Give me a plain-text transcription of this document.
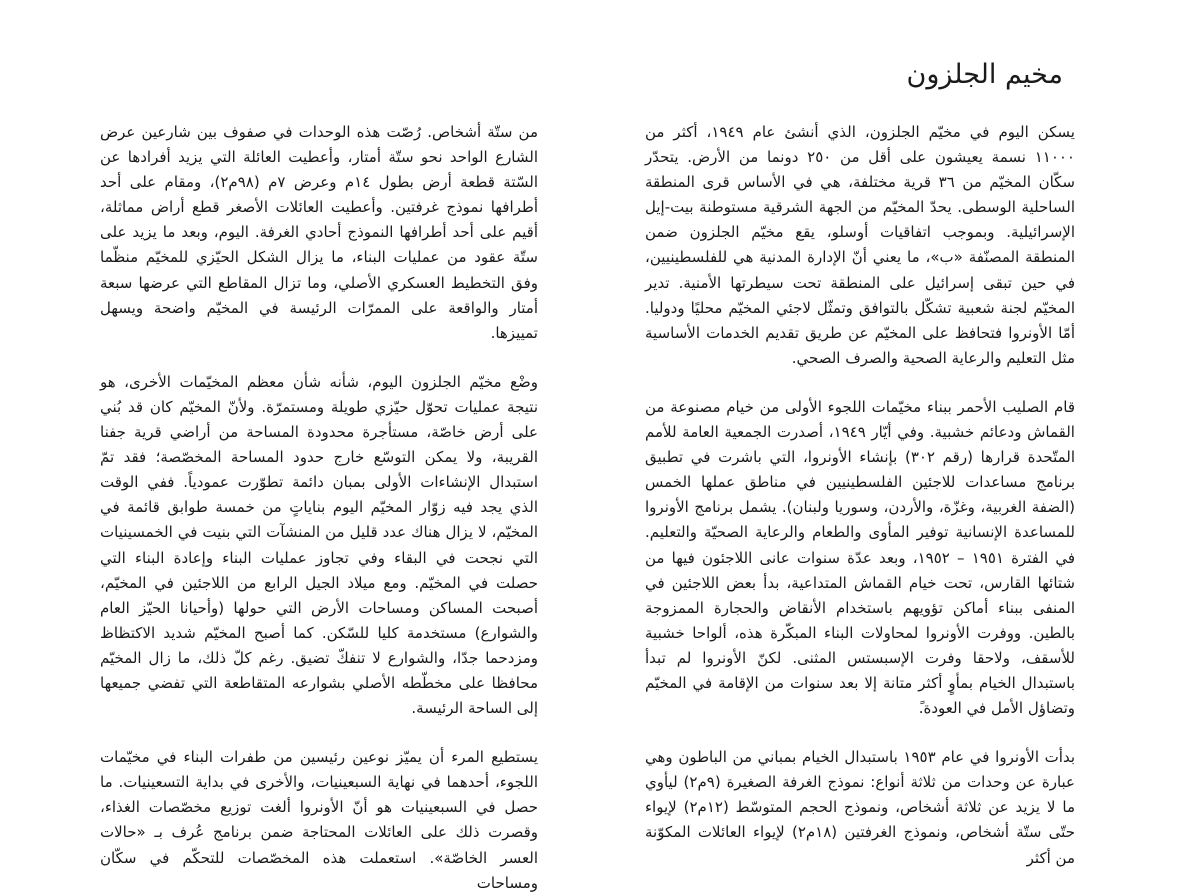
مخيم الجلزون

يسكن اليوم في مخيّم الجلزون، الذي أنشئ عام ١٩٤٩، أكثر من ١١٠٠٠ نسمة يعيشون على أقل من ٢٥٠ دونما من الأرض. يتحدّر سكّان المخيّم من ٣٦ قرية مختلفة، هي في الأساس قرى المنطقة الساحلية الوسطى. يحدّ المخيّم من الجهة الشرقية مستوطنة بيت-إيل الإسرائيلية. وبموجب اتفاقيات أوسلو، يقع مخيّم الجلزون ضمن المنطقة المصنّفة «ب»، ما يعني أنّ الإدارة المدنية هي للفلسطينيين، في حين تبقى إسرائيل على المنطقة تحت سيطرتها الأمنية. تدير المخيّم لجنة شعبية تشكّل بالتوافق وتمثّل لاجئي المخيّم محليًا ودوليا. أمّا الأونروا فتحافظ على المخيّم عن طريق تقديم الخدمات الأساسية مثل التعليم والرعاية الصحية والصرف الصحي.

قام الصليب الأحمر ببناء مخيّمات اللجوء الأولى من خيام مصنوعة من القماش ودعائم خشبية. وفي أيّار ١٩٤٩، أصدرت الجمعية العامة للأمم المتّحدة قرارها (رقم ٣٠٢) بإنشاء الأونروا، التي باشرت في تطبيق برنامج مساعدات للاجئين الفلسطينيين في مناطق عملها الخمس (الضفة الغربية، وغزّة، والأردن، وسوريا ولبنان). يشمل برنامج الأونروا للمساعدة الإنسانية توفير المأوى والطعام والرعاية الصحيّة والتعليم. في الفترة ١٩٥١ – ١٩٥٢، وبعد عدّة سنوات عانى اللاجئون فيها من شتائها القارس، تحت خيام القماش المتداعية، بدأ بعض اللاجئين في المنفى ببناء أماكن تؤويهم باستخدام الأنقاض والحجارة الممزوجة بالطين. ووفرت الأونروا لمحاولات البناء المبكّرة هذه، ألواحا خشبية للأسقف، ولاحقا وفرت الإسبستس المثنى. لكنّ الأونروا لم تبدأ باستبدال الخيام بمأوٍ أكثر متانة إلا بعد سنوات من الإقامة في المخيّم وتضاؤل الأمل في العودة.ً

بدأت الأونروا في عام ١٩٥٣ باستبدال الخيام بمباني من الباطون وهي عبارة عن وحدات من ثلاثة أنواع: نموذج الغرفة الصغيرة (٩م٢) ليأوي ما لا يزيد عن ثلاثة أشخاص، ونموذج الحجم المتوسّط (١٢م٢) لإيواء حتّى ستّة أشخاص، ونموذج الغرفتين (١٨م٢) لإيواء العائلات المكوّنة من أكثر

من ستّة أشخاص. رُصّت هذه الوحدات في صفوف بين شارعين عرض الشارع الواحد نحو ستّة أمتار، وأعطيت العائلة التي يزيد أفرادها عن السّتة قطعة أرض بطول ١٤م وعرض ٧م (٩٨م٢)، ومقام على أحد أطرافها نموذج غرفتين. وأعطيت العائلات الأصغر قطع أراض مماثلة، أقيم على أحد أطرافها النموذج أحادي الغرفة. اليوم، وبعد ما يزيد على ستّة عقود من عمليات البناء، ما يزال الشكل الحيّزي للمخيّم منظّما وفق التخطيط العسكري الأصلي، وما تزال المقاطع التي عرضها سبعة أمتار والواقعة على الممرّات الرئيسة في المخيّم واضحة ويسهل تمييزها.

وضْع مخيّم الجلزون اليوم، شأنه شأن معظم المخيّمات الأخرى، هو نتيجة عمليات تحوّل حيّزي طويلة ومستمرّة. ولأنّ المخيّم كان قد بُني على أرض خاصّة، مستأجرة محدودة المساحة من أراضي قرية جفنا القريبة، ولا يمكن التوسّع خارج حدود المساحة المخصّصة؛ فقد تمّ استبدال الإنشاءات الأولى بمبان دائمة تطوّرت عمودياً. ففي الوقت الذي يجد فيه زوّار المخيّم اليوم بناياتٍ من خمسة طوابق قائمة في المخيّم، لا يزال هناك عدد قليل من المنشآت التي بنيت في الخمسينيات التي نجحت في البقاء وفي تجاوز عمليات البناء وإعادة البناء التي حصلت في المخيّم. ومع ميلاد الجيل الرابع من اللاجئين في المخيّم، أصبحت المساكن ومساحات الأرض التي حولها (وأحيانا الحيّز العام والشوارع) مستخدمة كليا للسّكن. كما أصبح المخيّم شديد الاكتظاظ ومزدحما جدّا، والشوارع لا تنفكّ تضيق. رغم كلّ ذلك، ما زال المخيّم محافظا على مخطّطه الأصلي بشوارعه المتقاطعة التي تفضي جميعها إلى الساحة الرئيسة.

يستطيع المرء أن يميّز نوعين رئيسين من طفرات البناء في مخيّمات اللجوء، أحدهما في نهاية السبعينيات، والأخرى في بداية التسعينيات. ما حصل في السبعينيات هو أنّ الأونروا ألغت توزيع مخصّصات الغذاء، وقصرت ذلك على العائلات المحتاجة ضمن برنامج عُرف بـ «حالات العسر الخاصّة». استعملت هذه المخصّصات للتحكّم في سكّان ومساحات
